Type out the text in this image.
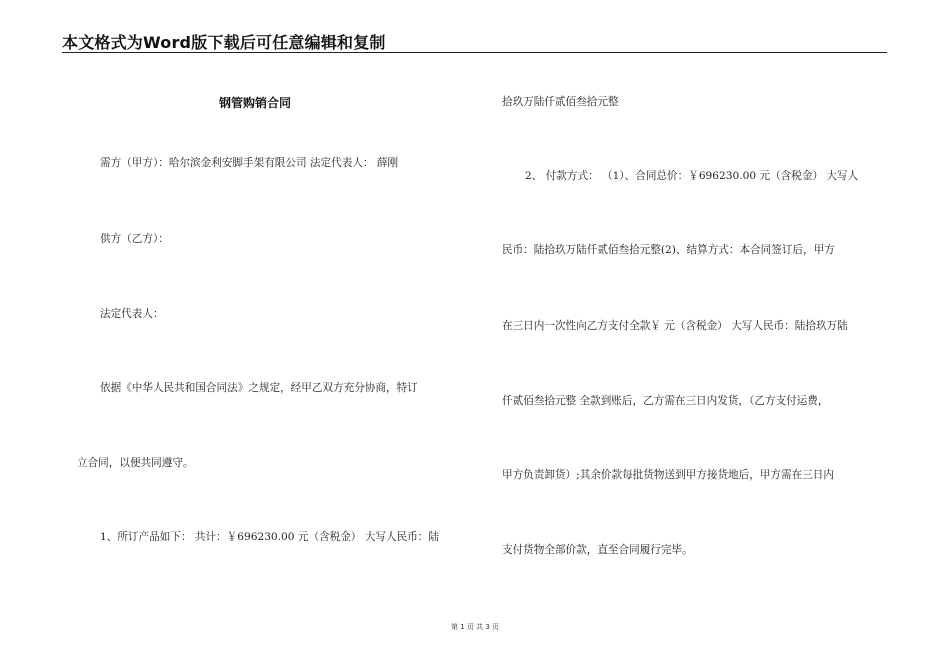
本文格式为Word版下载后可任意编辑和复制
钢管购销合同
需方（甲方）：哈尔滨金利安脚手架有限公司 法定代表人： 薛刚
供方（乙方）：
法定代表人：
依据《中华人民共和国合同法》之规定，经甲乙双方充分协商，特订
立合同，以便共同遵守。
1、所订产品如下： 共计：￥696230.00 元（含税金） 大写人民币：陆
拾玖万陆仟贰佰叁拾元整
2、 付款方式： （1）、合同总价：￥696230.00 元（含税金） 大写人
民币：陆拾玖万陆仟贰佰叁拾元整(2)、结算方式：本合同签订后，甲方
在三日内一次性向乙方支付全款￥ 元（含税金） 大写人民币：陆拾玖万陆
仟贰佰叁拾元整 全款到账后，乙方需在三日内发货，（乙方支付运费，
甲方负责卸货）;其余价款每批货物送到甲方接货地后，甲方需在三日内
支付货物全部价款，直至合同履行完毕。
第 1 页 共 3 页
